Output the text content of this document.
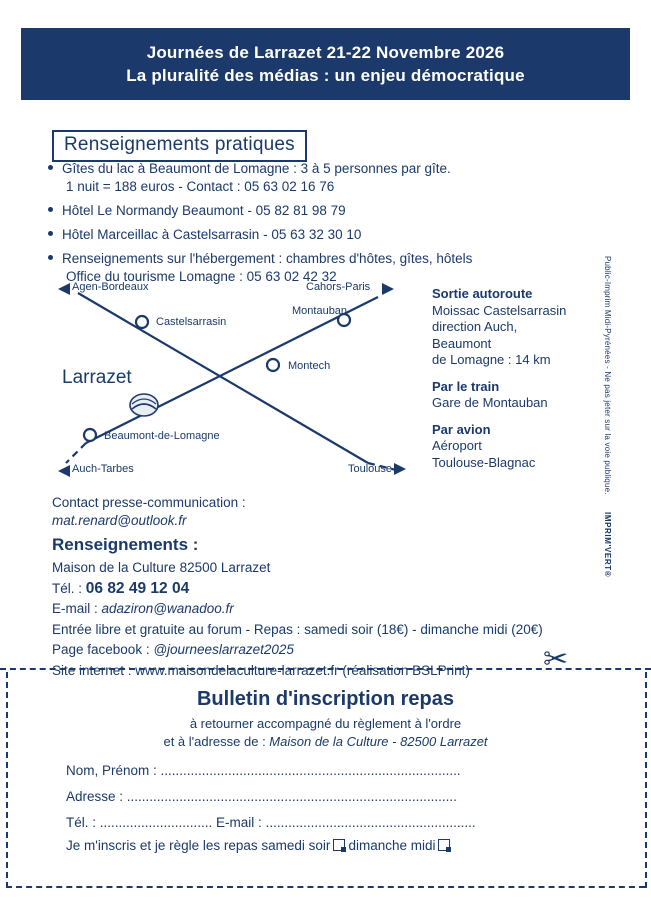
Journées de Larrazet 21-22 Novembre 2026
La pluralité des médias : un enjeu démocratique
Renseignements pratiques
Gîtes du lac à Beaumont de Lomagne : 3 à 5 personnes par gîte.
1 nuit = 188 euros - Contact : 05 63 02 16 76
Hôtel Le Normandy Beaumont - 05 82 81 98 79
Hôtel Marceillac à Castelsarrasin - 05 63 32 30 10
Renseignements sur l'hébergement : chambres d'hôtes, gîtes, hôtels
Office du tourisme Lomagne : 05 63 02 42 32
Agen-Bordeaux	Cahors-Paris
Auch-Tarbes	Toulouse
Castelsarrasin
Montauban
Montech
Beaumont-de-Lomagne
Larrazet
Sortie autoroute
Moissac Castelsarrasin
direction Auch,
Beaumont
de Lomagne : 14 km
Par le train
Gare de Montauban
Par avion
Aéroport
Toulouse-Blagnac	Public-Imprim Midi-Pyrénées - Ne pas jeter sur la voie publique.
IMPRIM'VERT®
Contact presse-communication :
mat.renard@outlook.fr
Renseignements :
Maison de la Culture 82500 Larrazet
Tél. : 06 82 49 12 04
E-mail : adaziron@wanadoo.fr
Entrée libre et gratuite au forum - Repas : samedi soir (18€) - dimanche midi (20€)
Page facebook : @journeeslarrazet2025
Site internet : www.maisondelaculture-larrazet.fr (réalisation BSLPrint)	✂
Bulletin d'inscription repas
à retourner accompagné du règlement à l'ordre
et à l'adresse de : Maison de la Culture - 82500 Larrazet
Nom, Prénom : ................................................................................
Adresse : ........................................................................................
Tél. : .............................. E-mail : ........................................................
Je m'inscris et je règle les repas samedi soir dimanche midi
